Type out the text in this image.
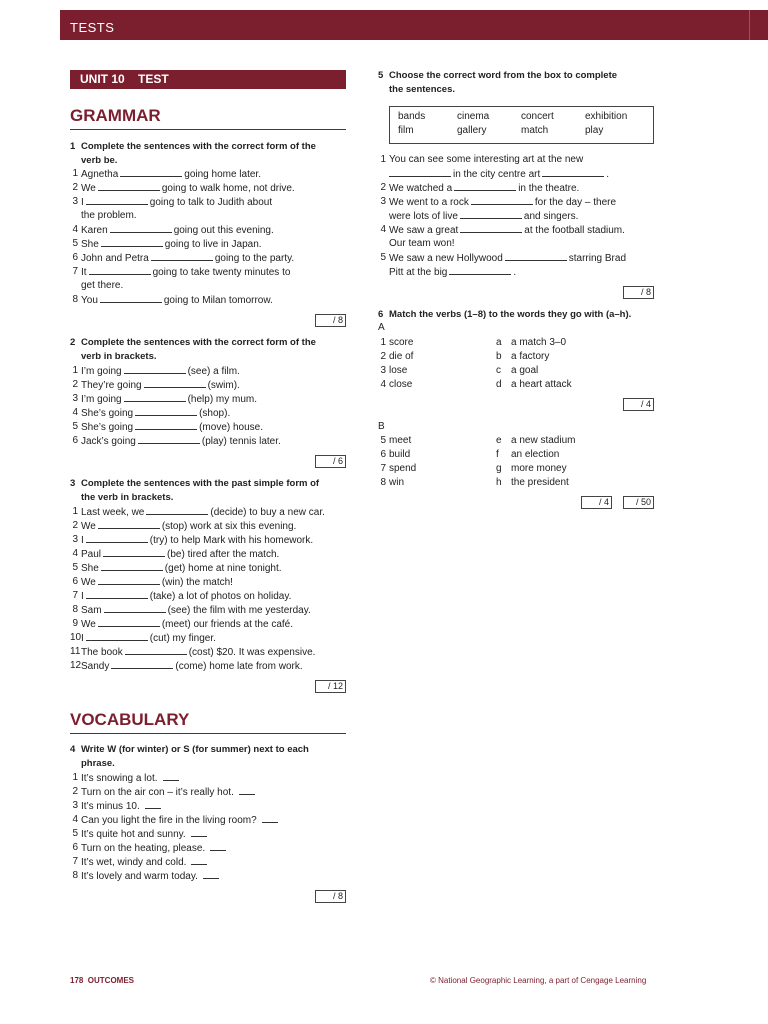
TESTS
UNIT 10    TEST
GRAMMAR
1 Complete the sentences with the correct form of the
verb be.
1 Agnetha	going home later.
2 We	going to walk home, not drive.
3 I	going to talk to Judith about
the problem.
4 Karen	going out this evening.
5 She	going to live in Japan.
6 John and Petra	going to the party.
7 It	going to take twenty minutes to
get there.
8 You	going to Milan tomorrow.
/ 8
2 Complete the sentences with the correct form of the
verb in brackets.
1 I’m going	(see) a film.
2 They’re going	(swim).
3 I’m going	(help) my mum.
4 She’s going	(shop).
5 She’s going	(move) house.
6 Jack’s going	(play) tennis later.
/ 6
3 Complete the sentences with the past simple form of
the verb in brackets.
1 Last week, we	(decide) to buy a new car.
2 We	(stop) work at six this evening.
3 I	(try) to help Mark with his homework.
4 Paul	(be) tired after the match.
5 She	(get) home at nine tonight.
6 We	(win) the match!
7 I	(take) a lot of photos on holiday.
8 Sam	(see) the film with me yesterday.
9 We	(meet) our friends at the café.
10 I	(cut) my finger.
11 The book	(cost) $20. It was expensive.
12 Sandy	(come) home late from work.
/ 12
VOCABULARY
4 Write W (for winter) or S (for summer) next to each
phrase.
1 It’s snowing a lot.
2 Turn on the air con – it’s really hot.
3 It’s minus 10.
4 Can you light the fire in the living room?
5 It’s quite hot and sunny.
6 Turn on the heating, please.
7 It’s wet, windy and cold.
8 It’s lovely and warm today.
/ 8
5 Choose the correct word from the box to complete
the sentences.
bands	cinema	concert	exhibition
film	gallery	match	play
1 You can see some interesting art at the new
in the city centre art	.
2 We watched a	in the theatre.
3 We went to a rock	for the day – there
were lots of live	and singers.
4 We saw a great	at the football stadium.
Our team won!
5 We saw a new Hollywood	starring Brad
Pitt at the big	.
/ 8
6 Match the verbs (1–8) to the words they go with (a–h).
A
1 score	a a match 3–0
2 die of	b a factory
3 lose	c a goal
4 close	d a heart attack
/ 4
B
5 meet	e a new stadium
6 build	f an election
7 spend	g more money
8 win	h the president
/ 4	/ 50
178  OUTCOMES	© National Geographic Learning, a part of Cengage Learning
